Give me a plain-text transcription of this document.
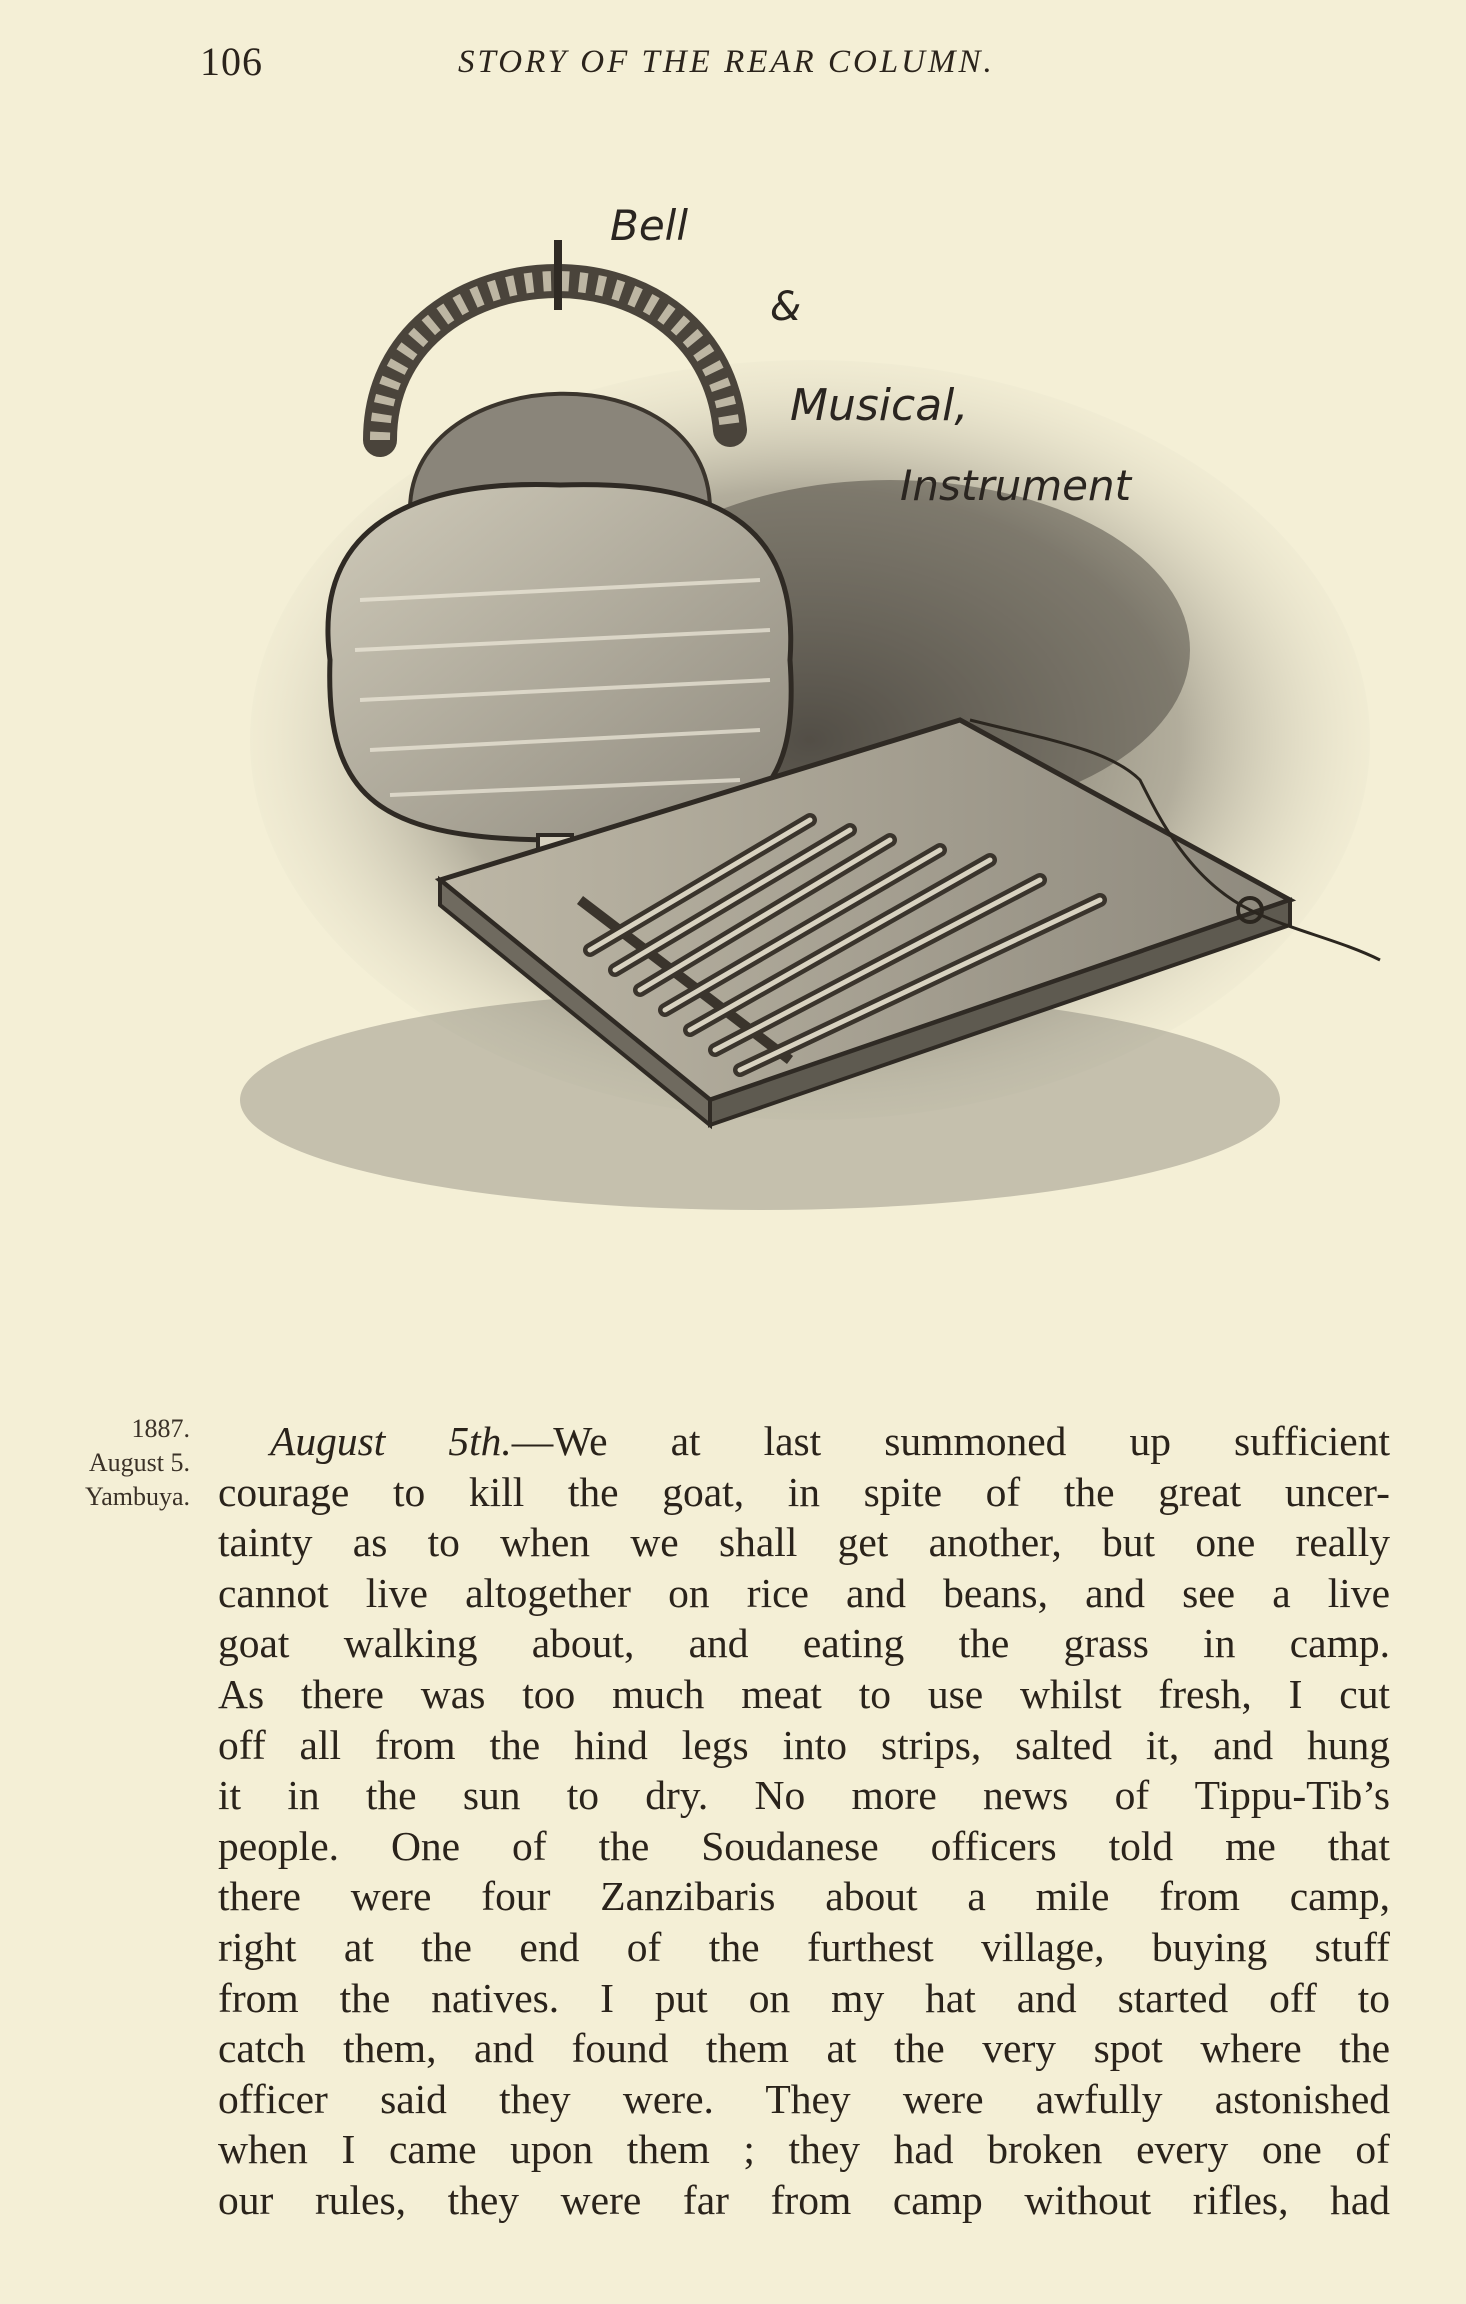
106	STORY OF THE REAR COLUMN.
Bell
&
Musical,
Instrument
1887.
August 5.
Yambuya.
August 5th.—We at last summoned up sufficient
courage to kill the goat, in spite of the great uncer-
tainty as to when we shall get another, but one really
cannot live altogether on rice and beans, and see a live
goat walking about, and eating the grass in camp.
As there was too much meat to use whilst fresh, I cut
off all from the hind legs into strips, salted it, and hung
it in the sun to dry. No more news of Tippu-Tib’s
people. One of the Soudanese officers told me that
there were four Zanzibaris about a mile from camp,
right at the end of the furthest village, buying stuff
from the natives. I put on my hat and started off to
catch them, and found them at the very spot where the
officer said they were. They were awfully astonished
when I came upon them ; they had broken every one of
our rules, they were far from camp without rifles, had
